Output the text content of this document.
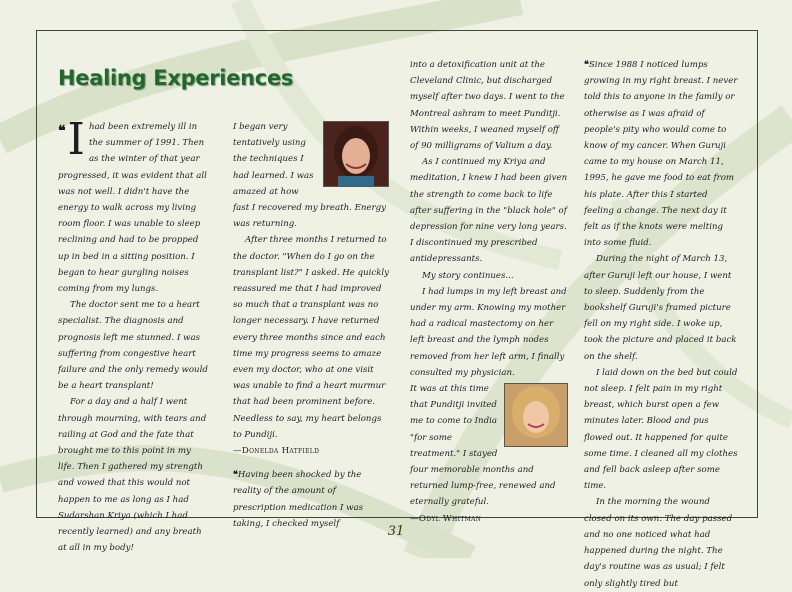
Healing Experiences
❝ I had been extremely ill in the summer of 1991. Then as the winter of that year progressed, it was evident that all was not well. I didn't have the energy to walk across my living room floor. I was unable to sleep reclining and had to be propped up in bed in a sitting position. I began to hear gurgling noises coming from my lungs.

The doctor sent me to a heart specialist. The diagnosis and prognosis left me stunned. I was suffering from congestive heart failure and the only remedy would be a heart transplant!

For a day and a half I went through mourning, with tears and railing at God and the fate that brought me to this point in my life. Then I gathered my strength and vowed that this would not happen to me as long as I had Sudarshan Kriya (which I had recently learned) and any breath at all in my body!

I began very tentatively using the techniques I had learned. I was amazed at how fast I recovered my breath. Energy was returning.

After three months I returned to the doctor. "When do I go on the transplant list?" I asked. He quickly reassured me that I had improved so much that a transplant was no longer necessary. I have returned every three months since and each time my progress seems to amaze even my doctor, who at one visit was unable to find a heart murmur that had been prominent before. Needless to say, my heart belongs to Pundiji.

—Donelda Hatfield

❝Having been shocked by the reality of the amount of prescription medication I was taking, I checked myself

into a detoxification unit at the Cleveland Clinic, but discharged myself after two days. I went to the Montreal ashram to meet Punditji. Within weeks, I weaned myself off of 90 milligrams of Valium a day.

As I continued my Kriya and meditation, I knew I had been given the strength to come back to life after suffering in the "black hole" of depression for nine very long years. I discontinued my prescribed antidepressants.

My story continues...

I had lumps in my left breast and under my arm. Knowing my mother had a radical mastectomy on her left breast and the lymph nodes removed from her left arm, I finally consulted my physician.

It was at this time that Punditji invited me to come to India "for some treatment." I stayed four memorable months and returned lump-free, renewed and eternally grateful.

—Odyl Whitman

❝Since 1988 I noticed lumps growing in my right breast. I never told this to anyone in the family or otherwise as I was afraid of people's pity who would come to know of my cancer. When Guruji came to my house on March 11, 1995, he gave me food to eat from his plate. After this I started feeling a change. The next day it felt as if the knots were melting into some fluid.

During the night of March 13, after Guruji left our house, I went to sleep. Suddenly from the bookshelf Guruji's framed picture fell on my right side. I woke up, took the picture and placed it back on the shelf.

I laid down on the bed but could not sleep. I felt pain in my right breast, which burst open a few minutes later. Blood and pus flowed out. It happened for quite some time. I cleaned all my clothes and fell back asleep after some time.

In the morning the wound closed on its own. The day passed and no one noticed what had happened during the night. The day's routine was as usual; I felt only slightly tired but

31
